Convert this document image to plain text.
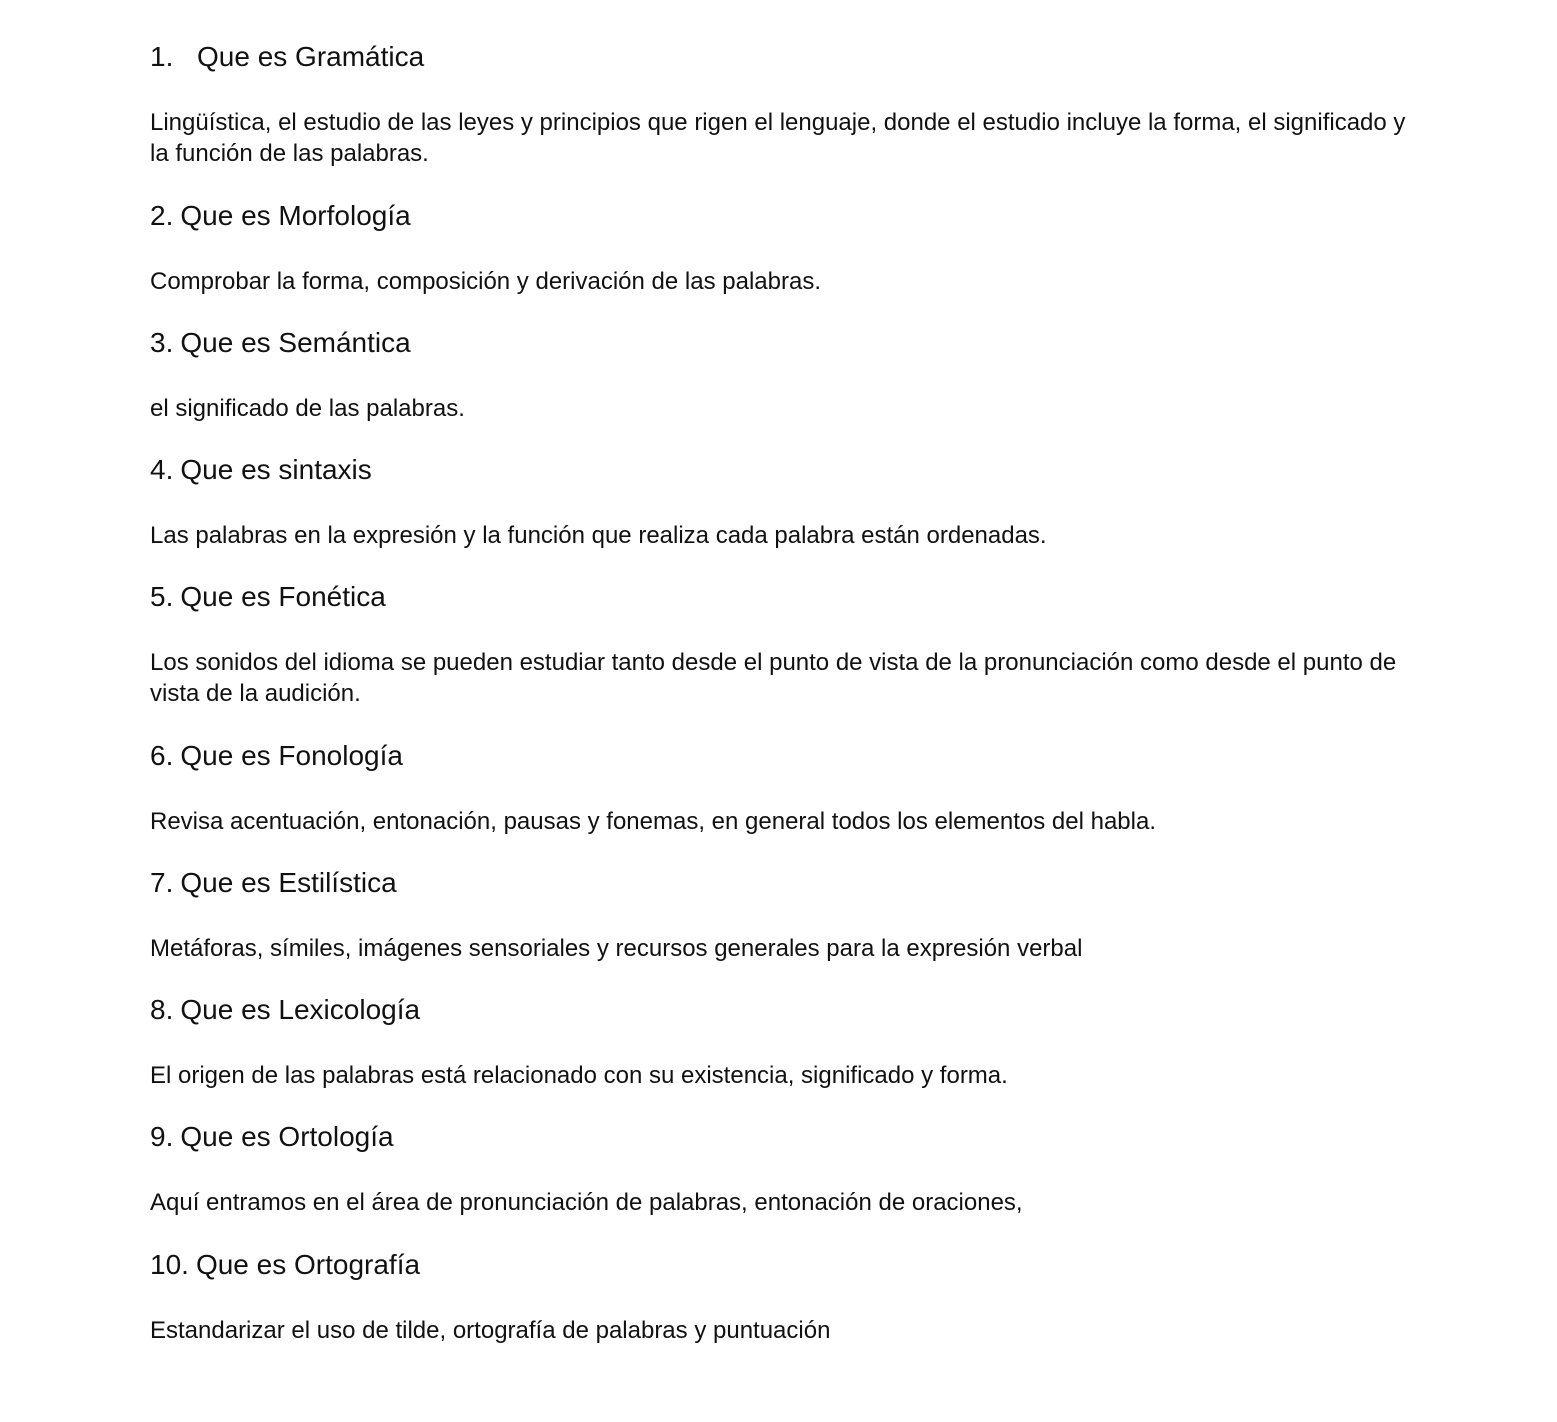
1. Que es Gramática

Lingüística, el estudio de las leyes y principios que rigen el lenguaje, donde el estudio incluye la forma, el significado y la función de las palabras.

2. Que es Morfología

Comprobar la forma, composición y derivación de las palabras.

3. Que es Semántica

el significado de las palabras.

4. Que es sintaxis

Las palabras en la expresión y la función que realiza cada palabra están ordenadas.

5. Que es Fonética

Los sonidos del idioma se pueden estudiar tanto desde el punto de vista de la pronunciación como desde el punto de vista de la audición.

6. Que es Fonología

Revisa acentuación, entonación, pausas y fonemas, en general todos los elementos del habla.

7. Que es Estilística

Metáforas, símiles, imágenes sensoriales y recursos generales para la expresión verbal

8. Que es Lexicología

El origen de las palabras está relacionado con su existencia, significado y forma.

9. Que es Ortología

Aquí entramos en el área de pronunciación de palabras, entonación de oraciones,

10. Que es Ortografía

Estandarizar el uso de tilde, ortografía de palabras y puntuación
